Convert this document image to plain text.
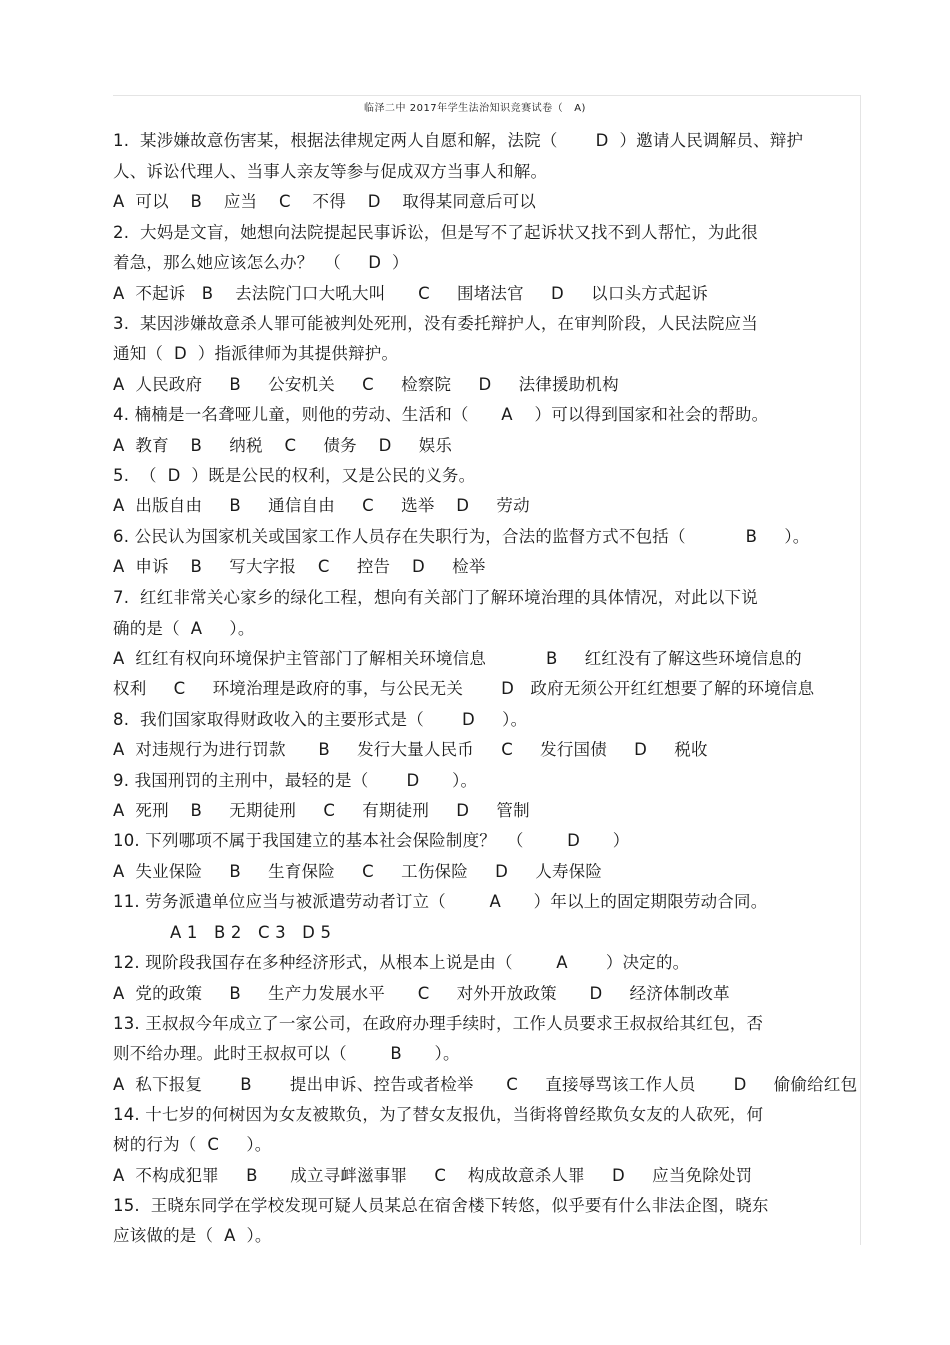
临泽二中 2017年学生法治知识竞赛试卷（   A)
1.  某涉嫌故意伤害某，根据法律规定两人自愿和解，法院（       D  ）邀请人民调解员、辩护
人、诉讼代理人、当事人亲友等参与促成双方当事人和解。
A  可以    B    应当    C    不得    D    取得某同意后可以
2.  大妈是文盲，她想向法院提起民事诉讼，但是写不了起诉状又找不到人帮忙，为此很
着急，那么她应该怎么办？  （     D  ）
A  不起诉   B    去法院门口大吼大叫      C     围堵法官     D     以口头方式起诉
3.  某因涉嫌故意杀人罪可能被判处死刑，没有委托辩护人，在审判阶段，人民法院应当
通知（  D  ）指派律师为其提供辩护。
A  人民政府     B     公安机关     C     检察院     D     法律援助机构
4. 楠楠是一名聋哑儿童，则他的劳动、生活和（      A    ）可以得到国家和社会的帮助。
A  教育    B     纳税    C     债务    D     娱乐
5.  （  D  ）既是公民的权利，又是公民的义务。
A  出版自由     B     通信自由     C     选举    D     劳动
6. 公民认为国家机关或国家工作人员存在失职行为，合法的监督方式不包括（           B     ）。
A  申诉    B     写大字报    C     控告    D     检举
7.  红红非常关心家乡的绿化工程，想向有关部门了解环境治理的具体情况，对此以下说
确的是（  A     ）。
A  红红有权向环境保护主管部门了解相关环境信息           B     红红没有了解这些环境信息的
权利     C     环境治理是政府的事，与公民无关       D   政府无须公开红红想要了解的环境信息
8.  我们国家取得财政收入的主要形式是（       D     ）。
A  对违规行为进行罚款      B     发行大量人民币     C     发行国债     D     税收
9. 我国刑罚的主刑中，最轻的是（       D      ）。
A  死刑    B     无期徒刑     C     有期徒刑     D     管制
10. 下列哪项不属于我国建立的基本社会保险制度？  （        D      ）
A  失业保险     B     生育保险     C     工伤保险     D     人寿保险
11. 劳务派遣单位应当与被派遣劳动者订立（        A      ）年以上的固定期限劳动合同。
A 1   B 2   C 3   D 5
12. 现阶段我国存在多种经济形式，从根本上说是由（        A       ）决定的。
A  党的政策     B     生产力发展水平      C     对外开放政策      D     经济体制改革
13. 王叔叔今年成立了一家公司，在政府办理手续时，工作人员要求王叔叔给其红包，否
则不给办理。此时王叔叔可以（        B      ）。
A  私下报复       B       提出申诉、控告或者检举      C     直接辱骂该工作人员       D     偷偷给红包
14. 十七岁的何树因为女友被欺负，为了替女友报仇，当街将曾经欺负女友的人砍死，何
树的行为（  C     ）。
A  不构成犯罪     B      成立寻衅滋事罪     C    构成故意杀人罪     D     应当免除处罚
15.  王晓东同学在学校发现可疑人员某总在宿舍楼下转悠，似乎要有什么非法企图，晓东
应该做的是（  A  ）。
